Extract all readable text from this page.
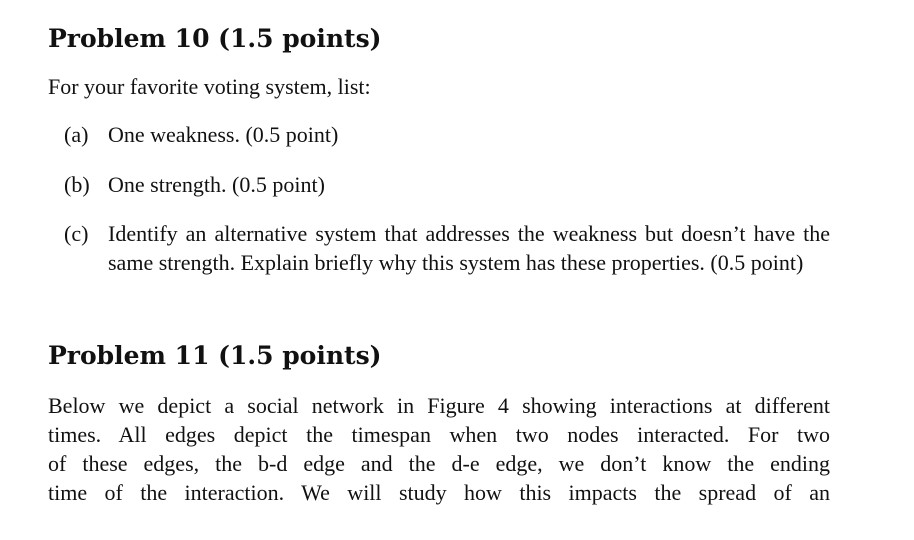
Problem 10 (1.5 points)
For your favorite voting system, list:
(a) One weakness. (0.5 point)
(b) One strength. (0.5 point)
(c) Identify an alternative system that addresses the weakness but doesn’t have the same strength. Explain briefly why this system has these properties. (0.5 point)
Problem 11 (1.5 points)
Below we depict a social network in Figure 4 showing interactions at different
times. All edges depict the timespan when two nodes interacted. For two
of these edges, the b-d edge and the d-e edge, we don’t know the ending
time of the interaction. We will study how this impacts the spread of an
